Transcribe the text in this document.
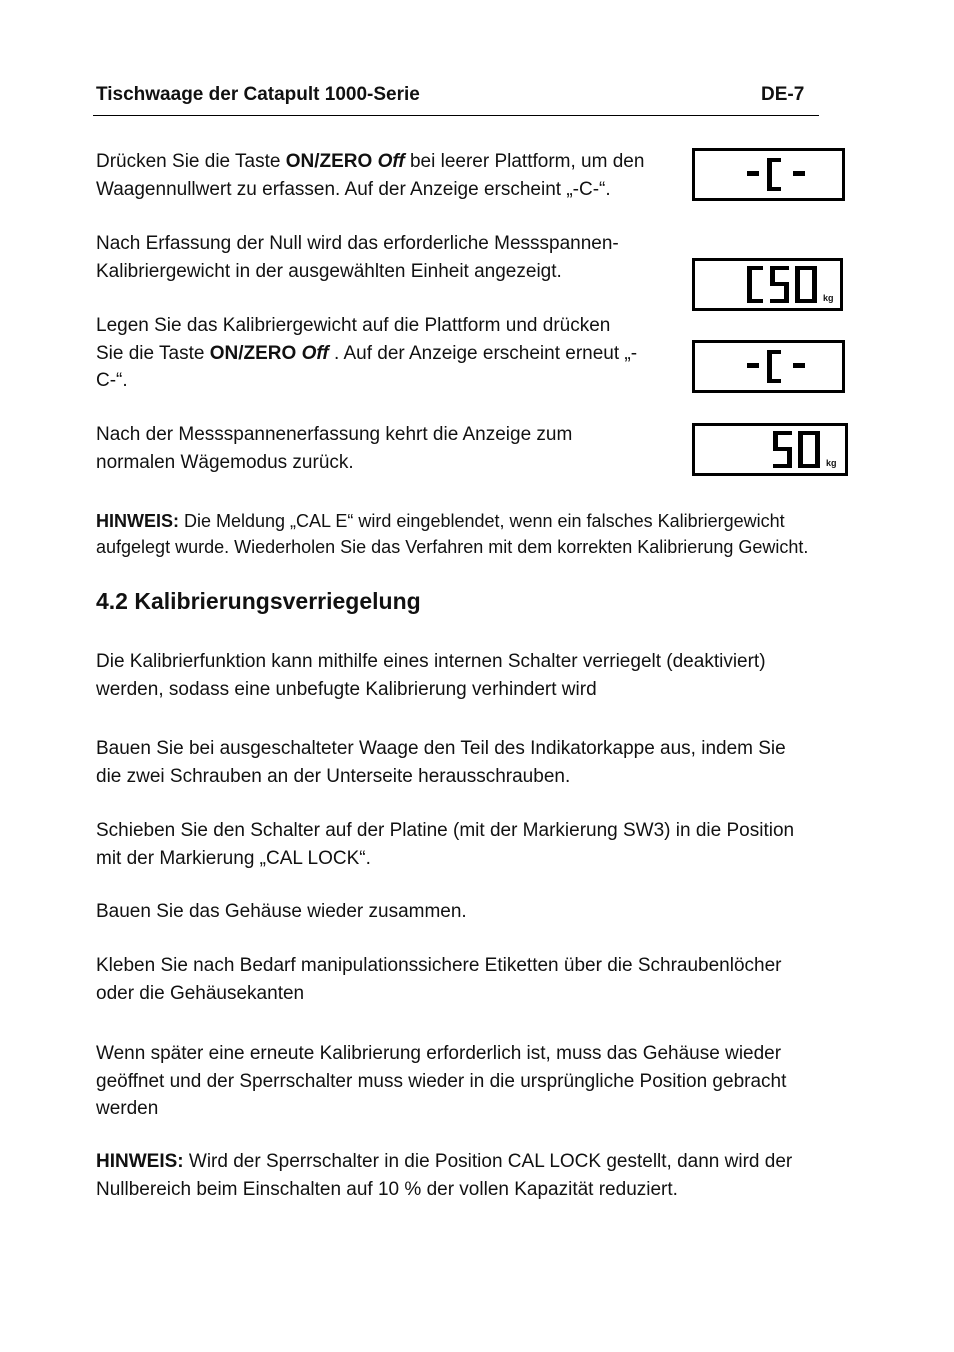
Tischwaage der Catapult 1000-Serie	DE-7
Drücken Sie die Taste ON/ZERO Off bei leerer Plattform, um den
Waagennullwert zu erfassen. Auf der Anzeige erscheint „-C-“.
Nach Erfassung der Null wird das erforderliche Messspannen-
Kalibriergewicht in der ausgewählten Einheit angezeigt.
Legen Sie das Kalibriergewicht auf die Plattform und drücken
Sie die Taste ON/ZERO Off . Auf der Anzeige erscheint erneut „-
C-“.
Nach der Messspannenerfassung kehrt die Anzeige zum
normalen Wägemodus zurück.
kg
kg
HINWEIS: Die Meldung „CAL E“ wird eingeblendet, wenn ein falsches Kalibriergewicht
aufgelegt wurde. Wiederholen Sie das Verfahren mit dem korrekten Kalibrierung Gewicht.
4.2 Kalibrierungsverriegelung
Die Kalibrierfunktion kann mithilfe eines internen Schalter verriegelt (deaktiviert)
werden, sodass eine unbefugte Kalibrierung verhindert wird
Bauen Sie bei ausgeschalteter Waage den Teil des Indikatorkappe aus, indem Sie
die zwei Schrauben an der Unterseite herausschrauben.
Schieben Sie den Schalter auf der Platine (mit der Markierung SW3) in die Position
mit der Markierung „CAL LOCK“.
Bauen Sie das Gehäuse wieder zusammen.
Kleben Sie nach Bedarf manipulationssichere Etiketten über die Schraubenlöcher
oder die Gehäusekanten
Wenn später eine erneute Kalibrierung erforderlich ist, muss das Gehäuse wieder
geöffnet und der Sperrschalter muss wieder in die ursprüngliche Position gebracht
werden
HINWEIS: Wird der Sperrschalter in die Position CAL LOCK gestellt, dann wird der
Nullbereich beim Einschalten auf 10 % der vollen Kapazität reduziert.
